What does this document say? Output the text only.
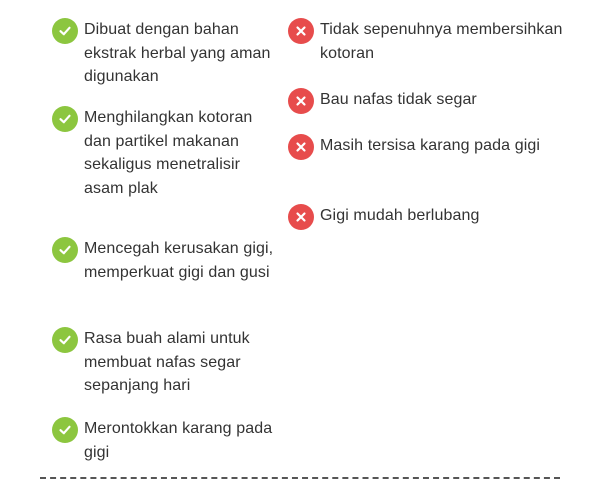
Dibuat dengan bahan ekstrak herbal yang aman digunakan
Menghilangkan kotoran dan partikel makanan sekaligus menetralisir asam plak
Mencegah kerusakan gigi, memperkuat gigi dan gusi
Rasa buah alami untuk membuat nafas segar sepanjang hari
Merontokkan karang pada gigi
Tidak sepenuhnya membersihkan kotoran
Bau nafas tidak segar
Masih tersisa karang pada gigi
Gigi mudah berlubang
